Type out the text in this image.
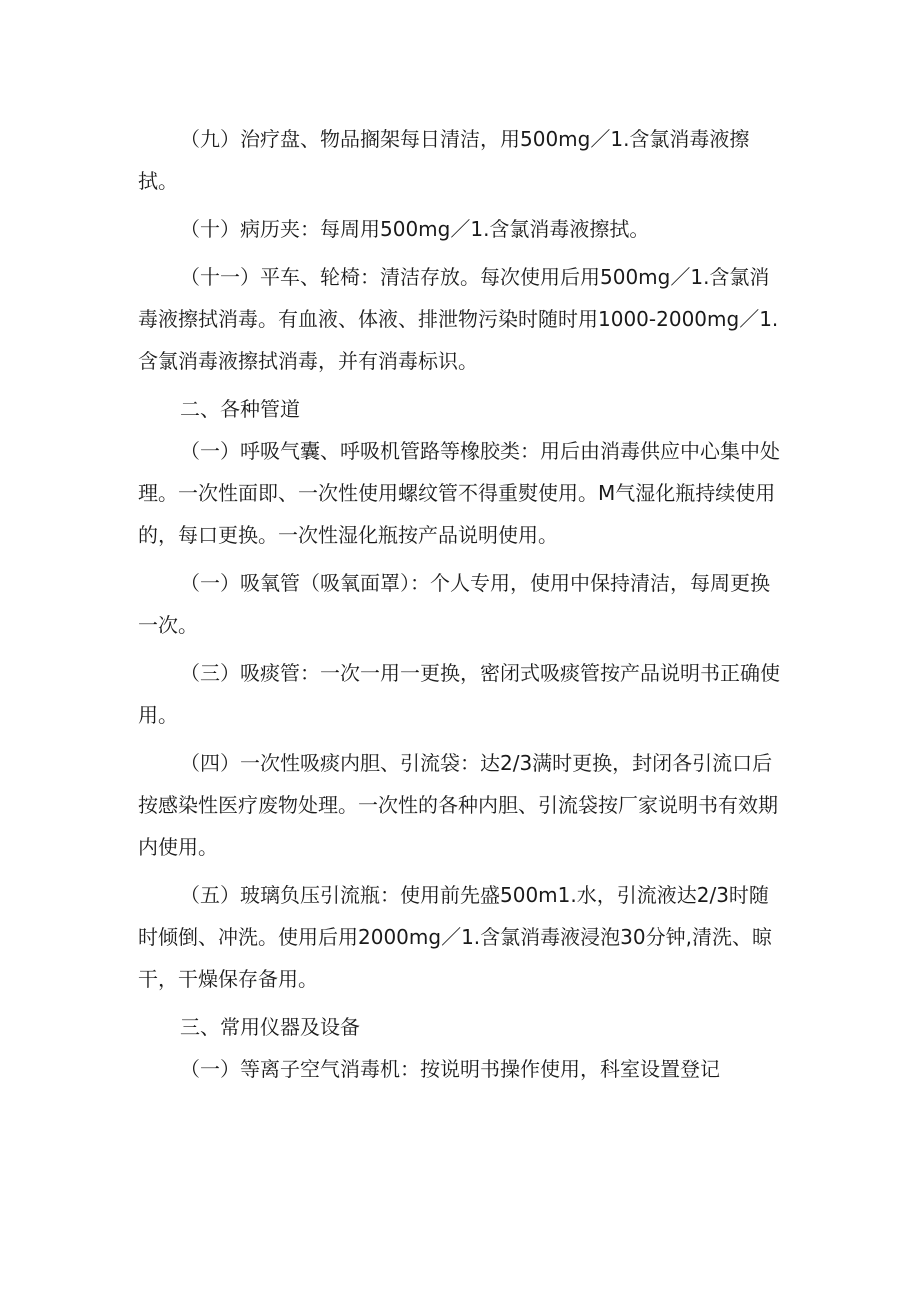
（九）治疗盘、物品搁架每日清洁，用500mg／1.含氯消毒液擦拭。

（十）病历夹：每周用500mg／1.含氯消毒液擦拭。

（十一）平车、轮椅：清洁存放。每次使用后用500mg／1.含氯消毒液擦拭消毒。有血液、体液、排泄物污染时随时用1000-2000mg／1.含氯消毒液擦拭消毒，并有消毒标识。

二、各种管道

（一）呼吸气囊、呼吸机管路等橡胶类：用后由消毒供应中心集中处理。一次性面即、一次性使用螺纹管不得重熨使用。M气湿化瓶持续使用的，每口更换。一次性湿化瓶按产品说明使用。

（一）吸氧管（吸氧面罩）：个人专用，使用中保持清洁，每周更换一次。

（三）吸痰管：一次一用一更换，密闭式吸痰管按产品说明书正确使用。

（四）一次性吸痰内胆、引流袋：达2/3满时更换，封闭各引流口后按感染性医疗废物处理。一次性的各种内胆、引流袋按厂家说明书有效期内使用。

（五）玻璃负压引流瓶：使用前先盛500m1.水，引流液达2/3时随时倾倒、冲洗。使用后用2000mg／1.含氯消毒液浸泡30分钟,清洗、晾干，干燥保存备用。

三、常用仪器及设备

（一）等离子空气消毒机：按说明书操作使用，科室设置登记
